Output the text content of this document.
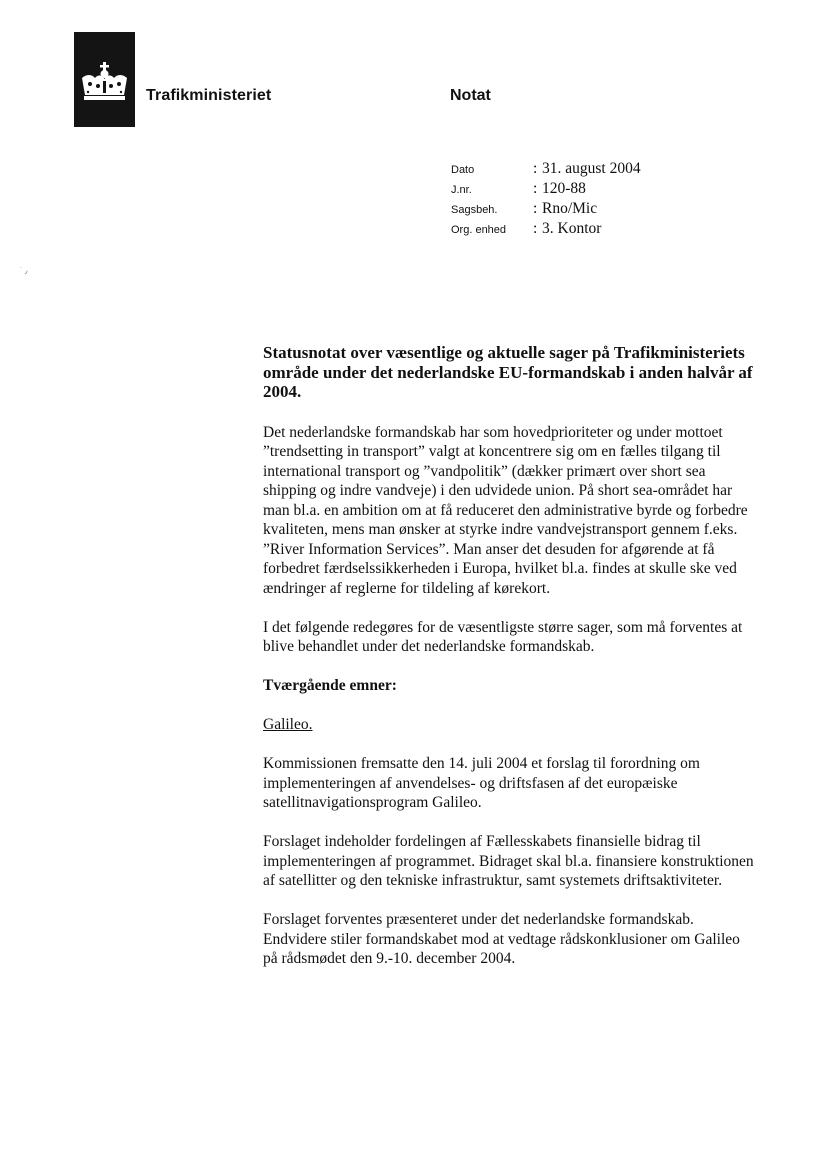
Trafikministeriet	Notat
Dato	: 31. august 2004
J.nr.	: 120-88
Sagsbeh.	: Rno/Mic
Org. enhed	: 3. Kontor
˙ ٫
Statusnotat over væsentlige og aktuelle sager på Trafikministeriets område under det nederlandske EU-formandskab i anden halvår af 2004.

Det nederlandske formandskab har som hovedprioriteter og under mottoet ”trendsetting in transport” valgt at koncentrere sig om en fælles tilgang til international transport og ”vandpolitik” (dækker primært over short sea shipping og indre vandveje) i den udvidede union. På short sea-området har man bl.a. en ambition om at få reduceret den administrative byrde og forbedre kvaliteten, mens man ønsker at styrke indre vandvejstransport gennem f.eks. ”River Information Services”. Man anser det desuden for afgørende at få forbedret færdselssikkerheden i Europa, hvilket bl.a. findes at skulle ske ved ændringer af reglerne for tildeling af kørekort.

I det følgende redegøres for de væsentligste større sager, som må forventes at blive behandlet under det nederlandske formandskab.

Tværgående emner:

Galileo.

Kommissionen fremsatte den 14. juli 2004 et forslag til forordning om implementeringen af anvendelses- og driftsfasen af det europæiske satellitnavigationsprogram Galileo.

Forslaget indeholder fordelingen af Fællesskabets finansielle bidrag til implementeringen af programmet. Bidraget skal bl.a. finansiere konstruktionen af satellitter og den tekniske infrastruktur, samt systemets driftsaktiviteter.

Forslaget forventes præsenteret under det nederlandske formandskab. Endvidere stiler formandskabet mod at vedtage rådskonklusioner om Galileo på rådsmødet den 9.-10. december 2004.
